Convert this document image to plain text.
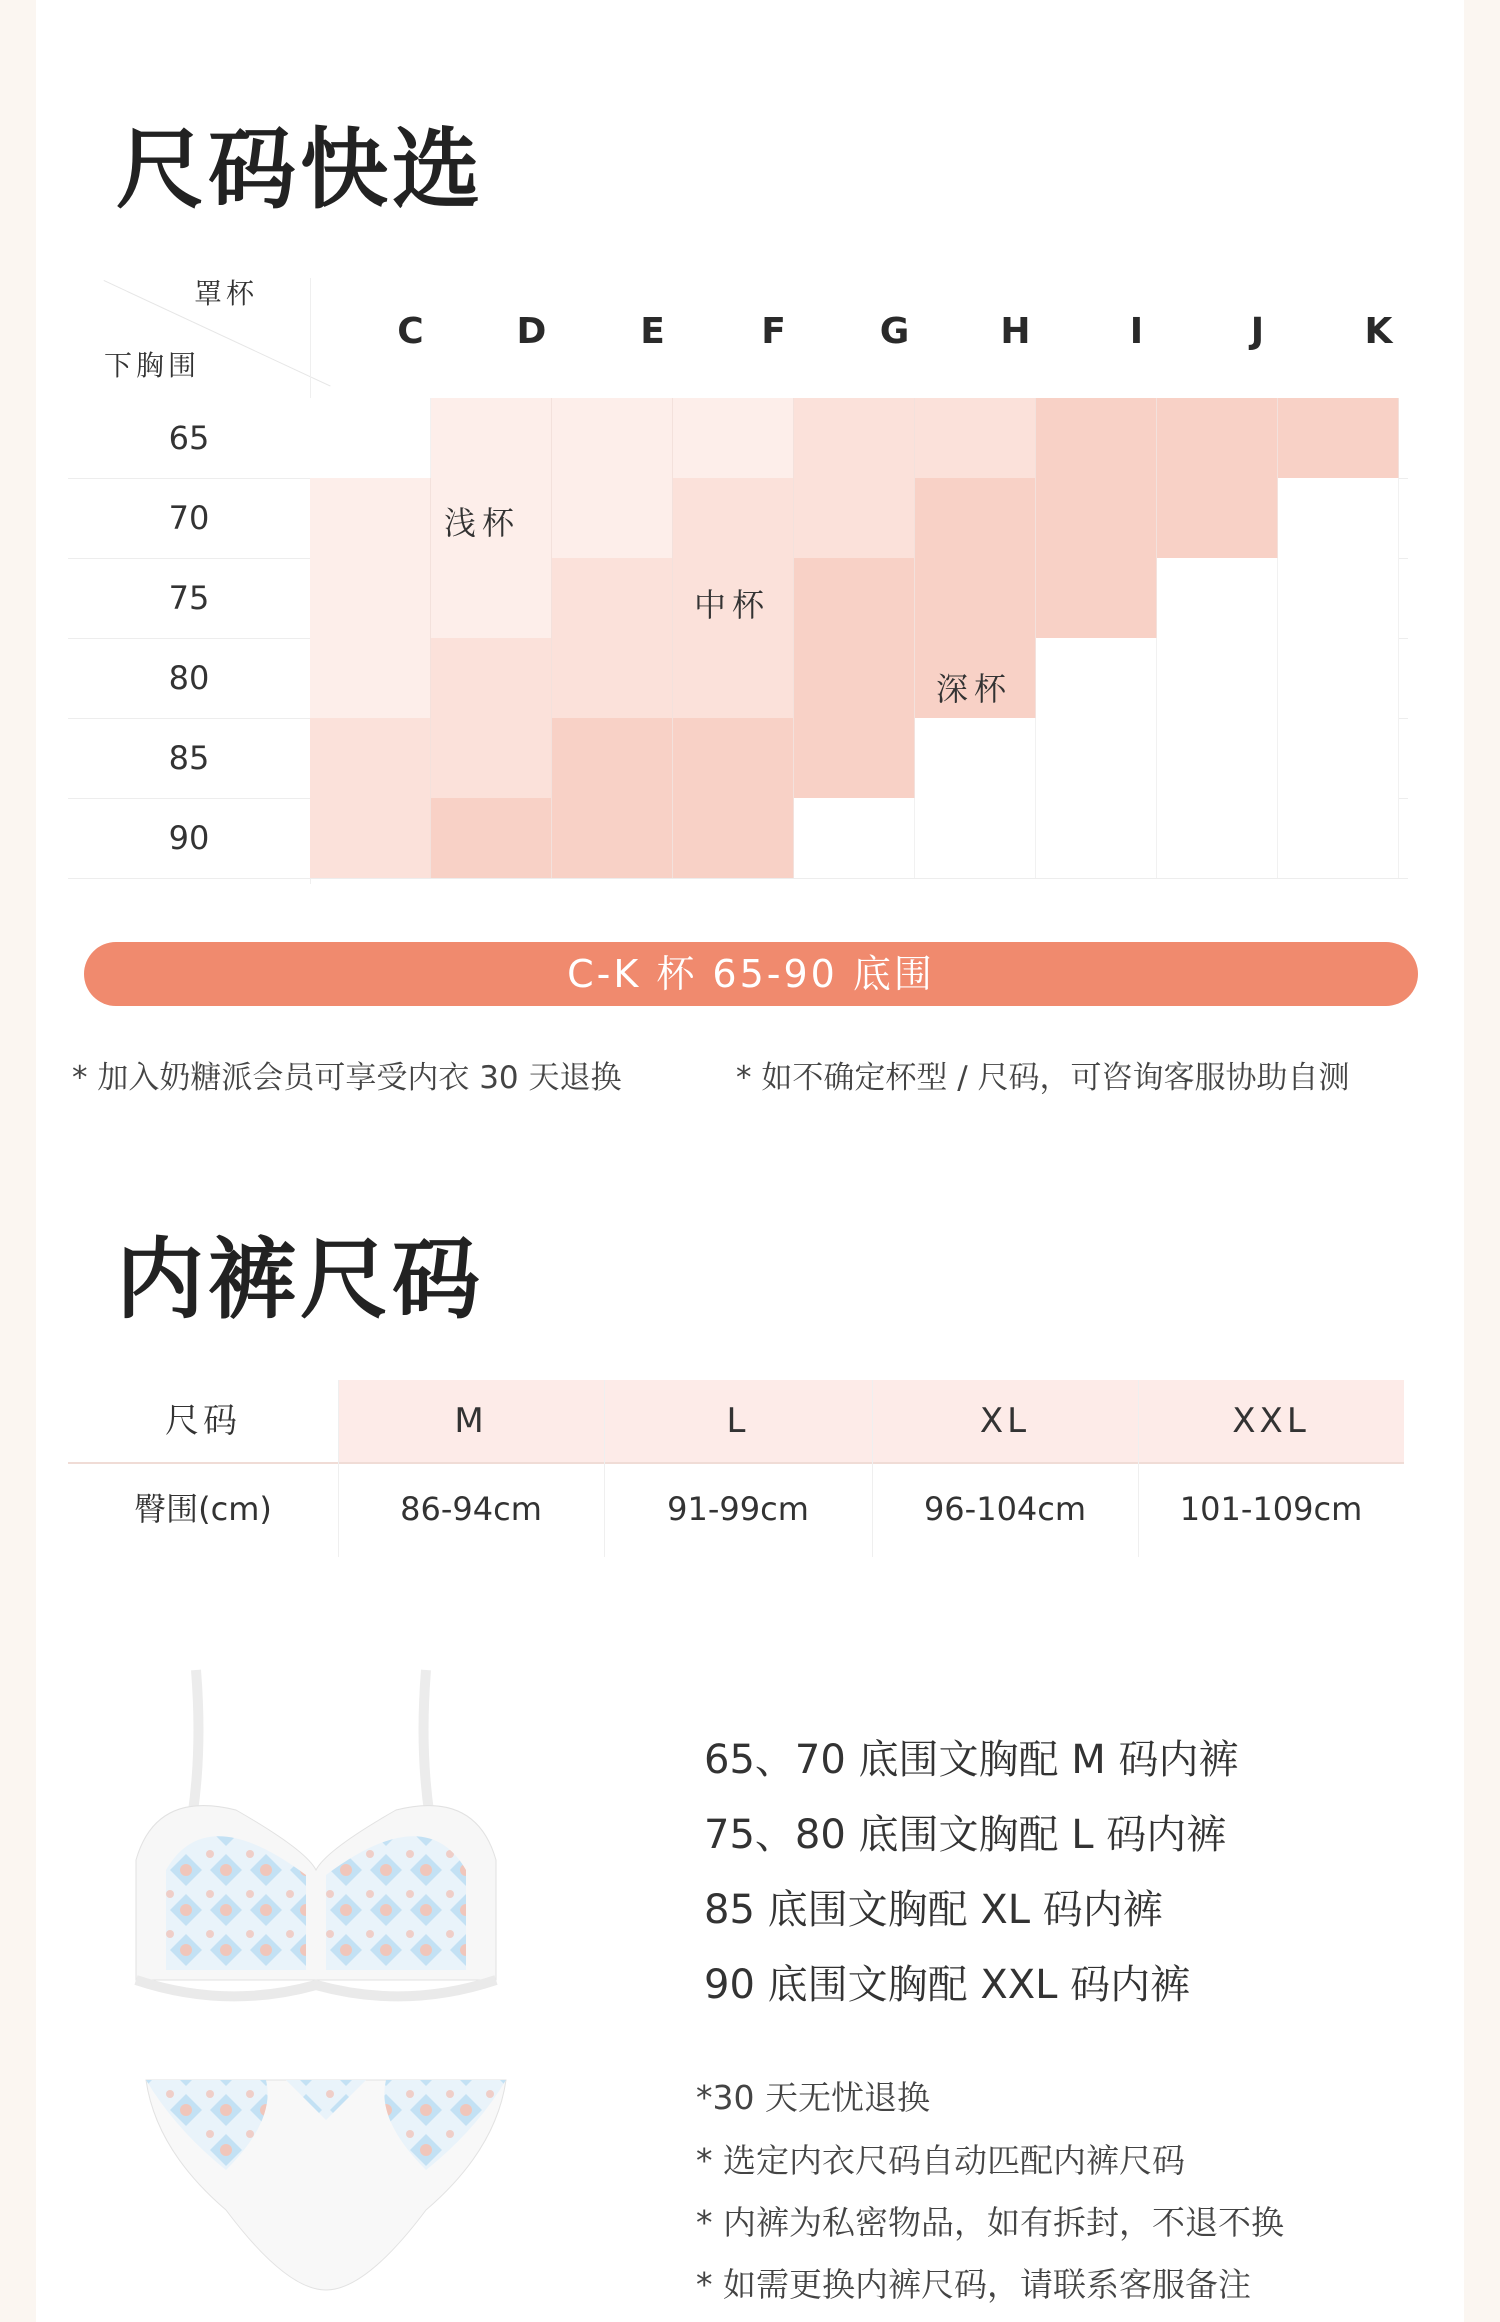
尺码快选
罩杯
下胸围
C	D	E	F	G	H	I	J	K
65
70
75
80
85
90
浅杯
中杯
深杯
C-K 杯 65-90 底围
* 加入奶糖派会员可享受内衣 30 天退换	* 如不确定杯型 / 尺码，可咨询客服协助自测
内裤尺码
尺码	M	L	XL	XXL
臀围(cm)	86-94cm	91-99cm	96-104cm	101-109cm
65、70 底围文胸配 M 码内裤
75、80 底围文胸配 L 码内裤
85 底围文胸配 XL 码内裤
90 底围文胸配 XXL 码内裤
*30 天无忧退换
* 选定内衣尺码自动匹配内裤尺码
* 内裤为私密物品，如有拆封，不退不换
* 如需更换内裤尺码，请联系客服备注
